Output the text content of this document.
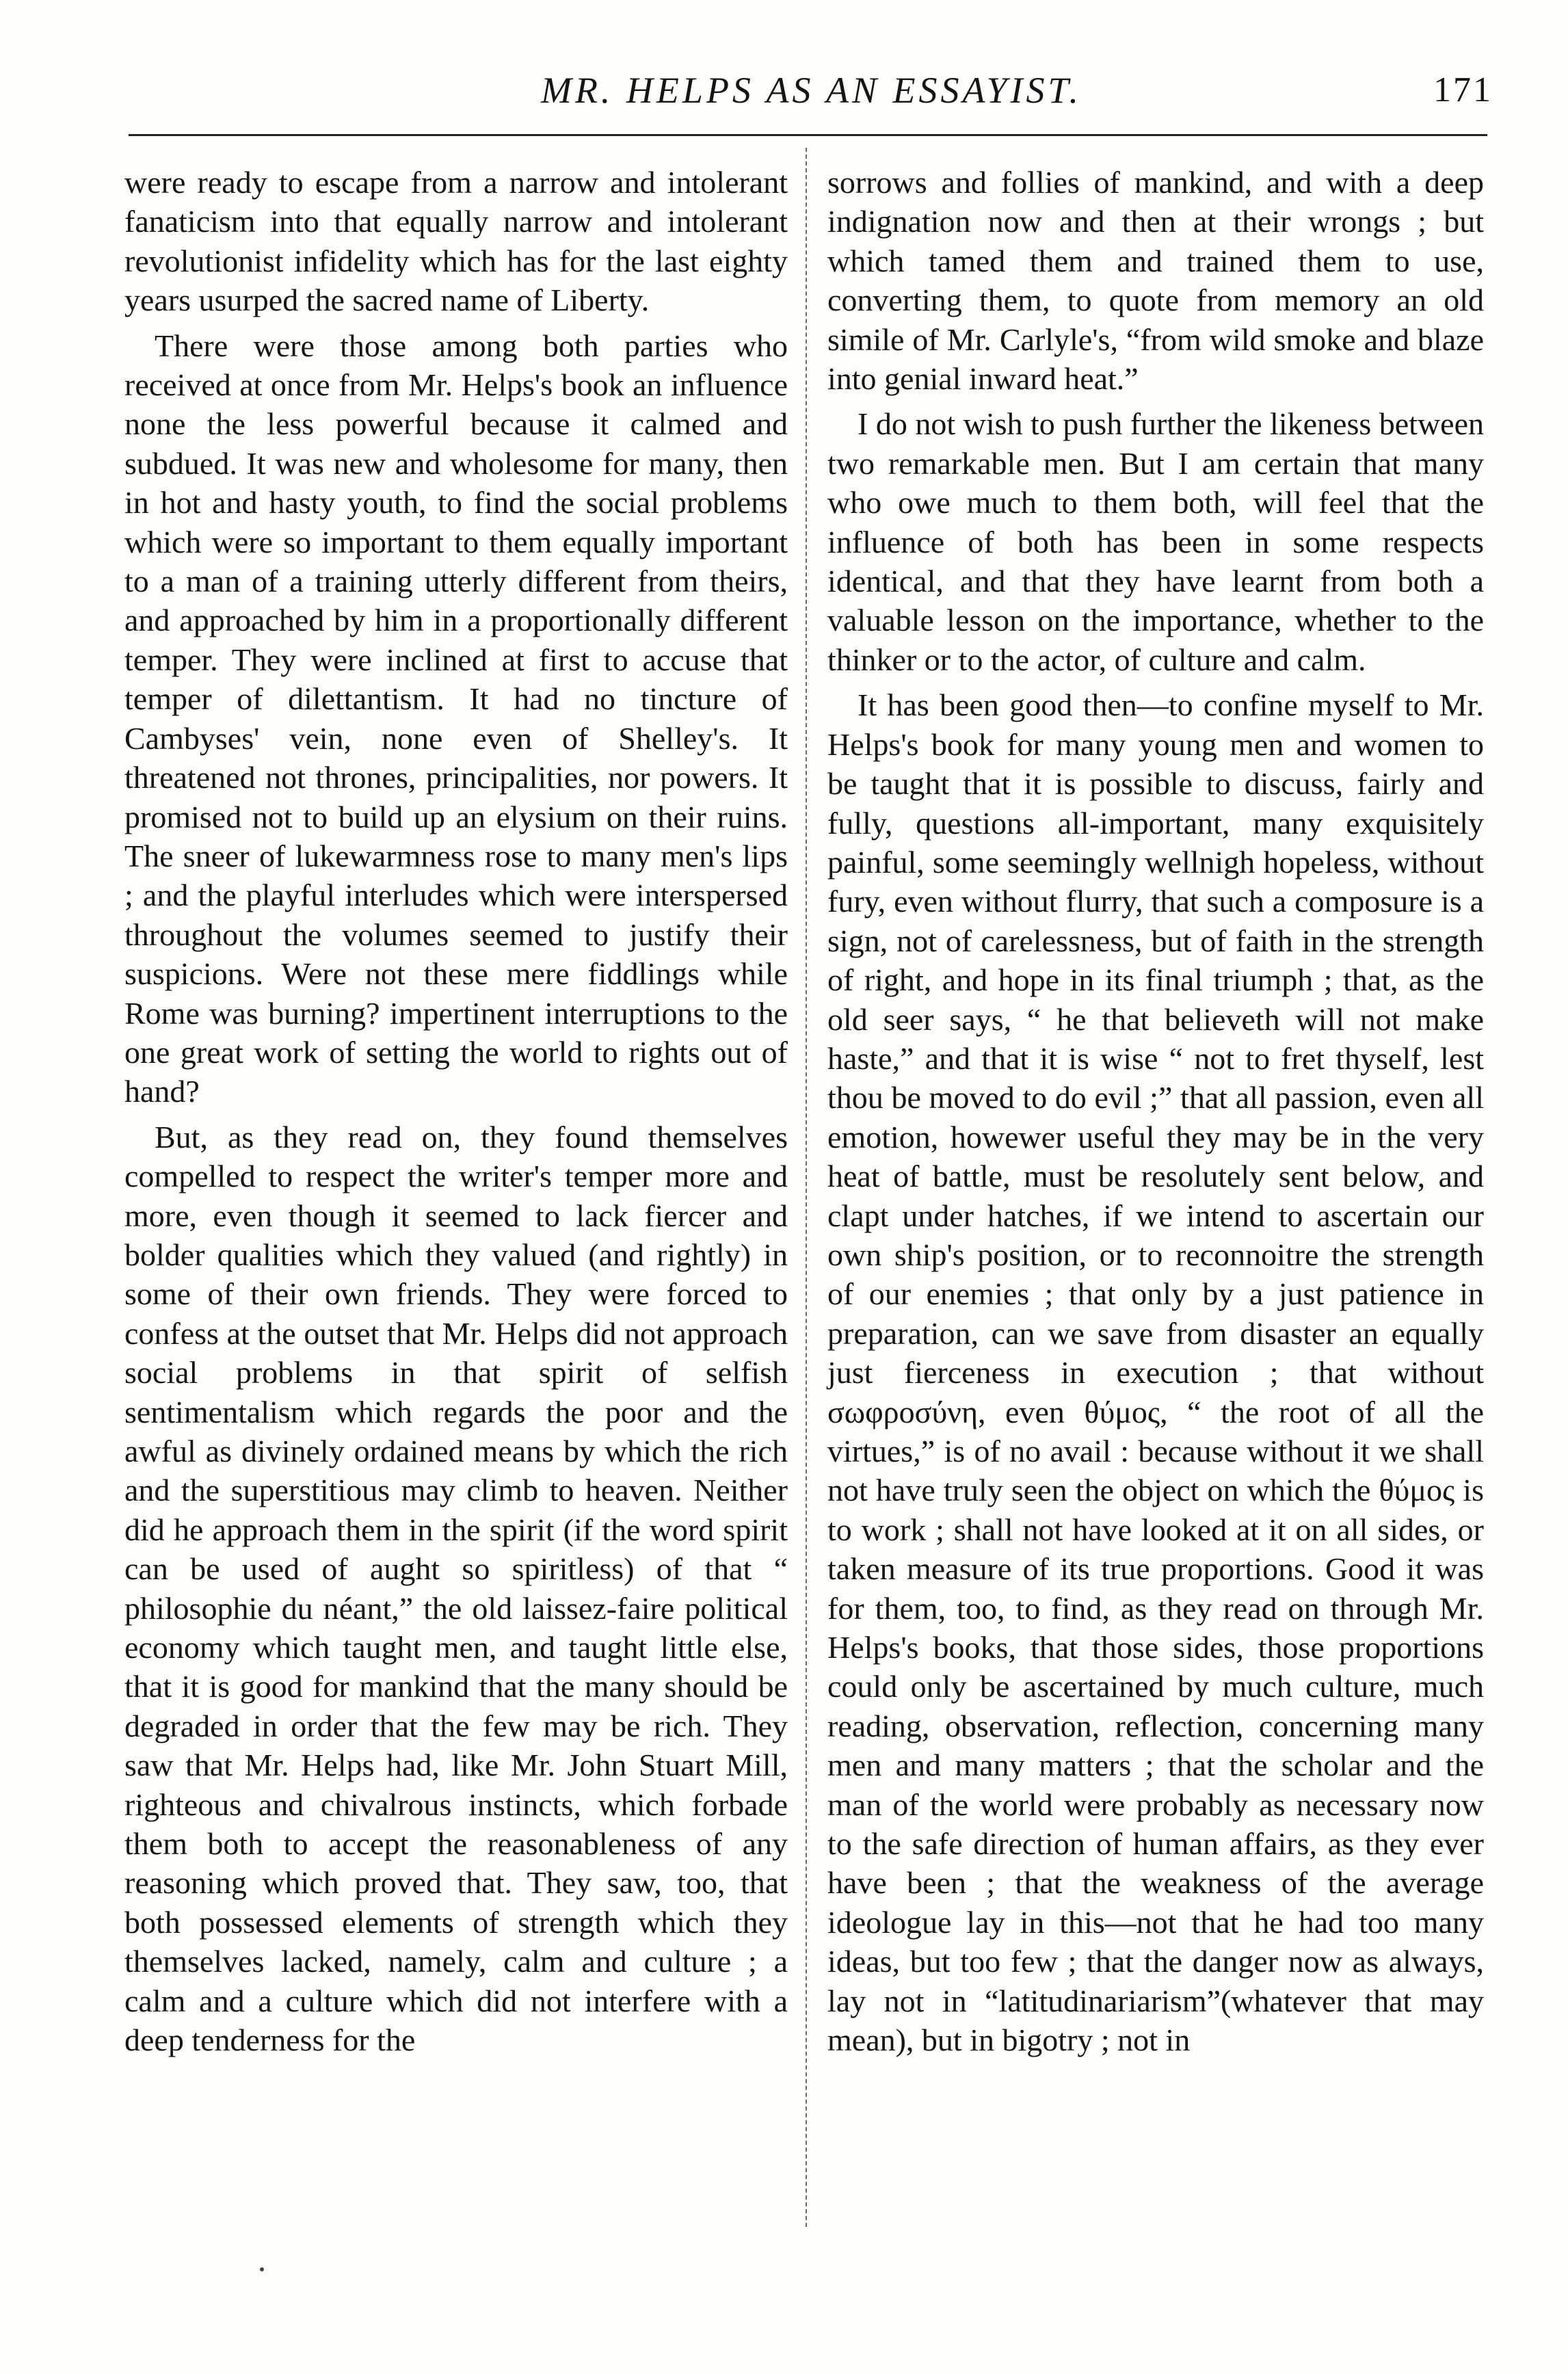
MR. HELPS AS AN ESSAYIST.	171

were ready to escape from a narrow and intolerant fanaticism into that equally narrow and intolerant revolutionist infidelity which has for the last eighty years usurped the sacred name of Liberty.

There were those among both parties who received at once from Mr. Helps's book an influence none the less powerful because it calmed and subdued. It was new and wholesome for many, then in hot and hasty youth, to find the social problems which were so important to them equally important to a man of a training utterly different from theirs, and approached by him in a proportionally different temper. They were inclined at first to accuse that temper of dilettantism. It had no tincture of Cambyses' vein, none even of Shelley's. It threatened not thrones, principalities, nor powers. It promised not to build up an elysium on their ruins. The sneer of lukewarmness rose to many men's lips ; and the playful interludes which were interspersed throughout the volumes seemed to justify their suspicions. Were not these mere fiddlings while Rome was burning? impertinent interruptions to the one great work of setting the world to rights out of hand?

But, as they read on, they found themselves compelled to respect the writer's temper more and more, even though it seemed to lack fiercer and bolder qualities which they valued (and rightly) in some of their own friends. They were forced to confess at the outset that Mr. Helps did not approach social problems in that spirit of selfish sentimentalism which regards the poor and the awful as divinely ordained means by which the rich and the superstitious may climb to heaven. Neither did he approach them in the spirit (if the word spirit can be used of aught so spiritless) of that “ philosophie du néant,” the old laissez-faire political economy which taught men, and taught little else, that it is good for mankind that the many should be degraded in order that the few may be rich. They saw that Mr. Helps had, like Mr. John Stuart Mill, righteous and chivalrous instincts, which forbade them both to accept the reasonableness of any reasoning which proved that. They saw, too, that both possessed elements of strength which they themselves lacked, namely, calm and culture ; a calm and a culture which did not interfere with a deep tenderness for the

sorrows and follies of mankind, and with a deep indignation now and then at their wrongs ; but which tamed them and trained them to use, converting them, to quote from memory an old simile of Mr. Carlyle's, “from wild smoke and blaze into genial inward heat.”

I do not wish to push further the likeness between two remarkable men. But I am certain that many who owe much to them both, will feel that the influence of both has been in some respects identical, and that they have learnt from both a valuable lesson on the importance, whether to the thinker or to the actor, of culture and calm.

It has been good then—to confine myself to Mr. Helps's book for many young men and women to be taught that it is possible to discuss, fairly and fully, questions all-important, many exquisitely painful, some seemingly wellnigh hopeless, without fury, even without flurry, that such a composure is a sign, not of carelessness, but of faith in the strength of right, and hope in its final triumph ; that, as the old seer says, “ he that believeth will not make haste,” and that it is wise “ not to fret thyself, lest thou be moved to do evil ;” that all passion, even all emotion, howewer useful they may be in the very heat of battle, must be resolutely sent below, and clapt under hatches, if we intend to ascertain our own ship's position, or to reconnoitre the strength of our enemies ; that only by a just patience in preparation, can we save from disaster an equally just fierceness in execution ; that without σωφροσύνη, even θύμος, “ the root of all the virtues,” is of no avail : because without it we shall not have truly seen the object on which the θύμος is to work ; shall not have looked at it on all sides, or taken measure of its true proportions. Good it was for them, too, to find, as they read on through Mr. Helps's books, that those sides, those proportions could only be ascertained by much culture, much reading, observation, reflection, concerning many men and many matters ; that the scholar and the man of the world were probably as necessary now to the safe direction of human affairs, as they ever have been ; that the weakness of the average ideologue lay in this—not that he had too many ideas, but too few ; that the danger now as always, lay not in “latitudinariarism”(whatever that may mean), but in bigotry ; not in
